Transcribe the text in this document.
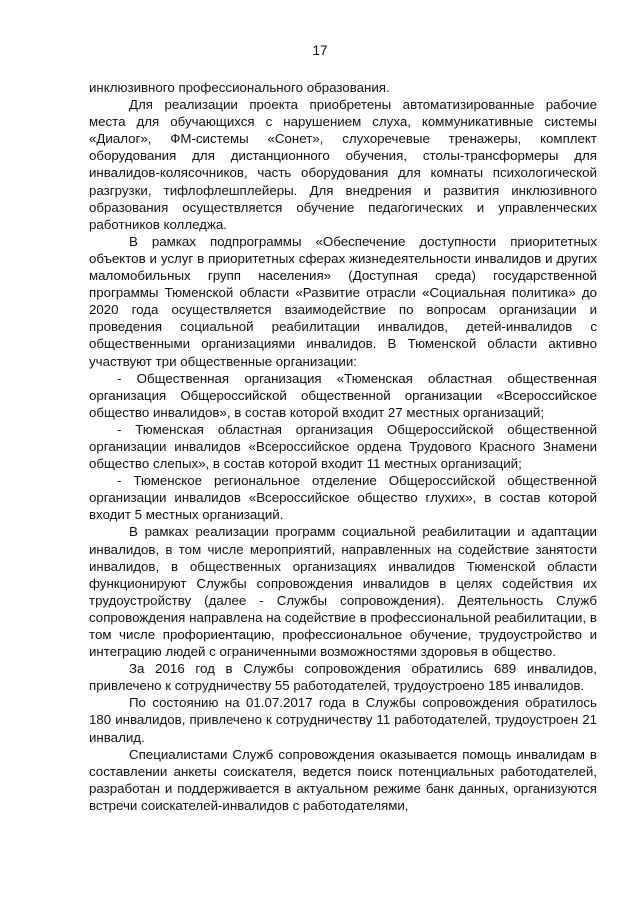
17

инклюзивного профессионального образования.

Для реализации проекта приобретены автоматизированные рабочие места для обучающихся с нарушением слуха, коммуникативные системы «Диалог», ФМ-системы «Сонет», слухоречевые тренажеры, комплект оборудования для дистанционного обучения, столы-трансформеры для инвалидов-колясочников, часть оборудования для комнаты психологической разгрузки, тифлофлешплейеры. Для внедрения и развития инклюзивного образования осуществляется обучение педагогических и управленческих работников колледжа.

В рамках подпрограммы «Обеспечение доступности приоритетных объектов и услуг в приоритетных сферах жизнедеятельности инвалидов и других маломобильных групп населения» (Доступная среда) государственной программы Тюменской области «Развитие отрасли «Социальная политика» до 2020 года осуществляется взаимодействие по вопросам организации и проведения социальной реабилитации инвалидов, детей-инвалидов с общественными организациями инвалидов. В Тюменской области активно участвуют три общественные организации:

- Общественная организация «Тюменская областная общественная организация Общероссийской общественной организации «Всероссийское общество инвалидов», в состав которой входит 27 местных организаций;

- Тюменская областная организация Общероссийской общественной организации инвалидов «Всероссийское ордена Трудового Красного Знамени общество слепых», в состав которой входит 11 местных организаций;

- Тюменское региональное отделение Общероссийской общественной организации инвалидов «Всероссийское общество глухих», в состав которой входит 5 местных организаций.

В рамках реализации программ социальной реабилитации и адаптации инвалидов, в том числе мероприятий, направленных на содействие занятости инвалидов, в общественных организациях инвалидов Тюменской области функционируют Службы сопровождения инвалидов в целях содействия их трудоустройству (далее - Службы сопровождения). Деятельность Служб сопровождения направлена на содействие в профессиональной реабилитации, в том числе профориентацию, профессиональное обучение, трудоустройство и интеграцию людей с ограниченными возможностями здоровья в общество.

За 2016 год в Службы сопровождения обратились 689 инвалидов, привлечено к сотрудничеству 55 работодателей, трудоустроено 185 инвалидов.

По состоянию на 01.07.2017 года в Службы сопровождения обратилось 180 инвалидов, привлечено к сотрудничеству 11 работодателей, трудоустроен 21 инвалид.

Специалистами Служб сопровождения оказывается помощь инвалидам в составлении анкеты соискателя, ведется поиск потенциальных работодателей, разработан и поддерживается в актуальном режиме банк данных, организуются встречи соискателей-инвалидов с работодателями,
